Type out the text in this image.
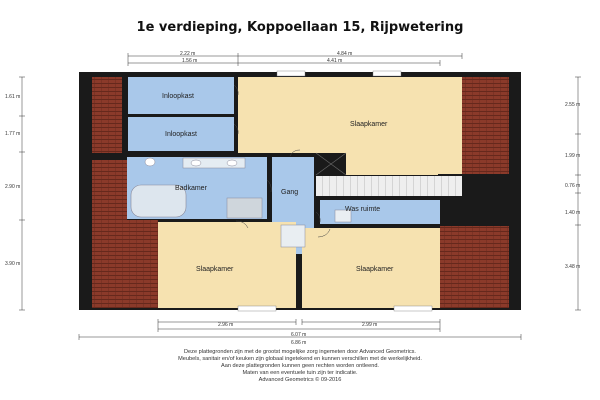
1e verdieping, Koppoellaan 15, Rijpwetering
2.22 m
1.56 m
4.84 m
4.41 m
1.61 m
1.77 m
2.90 m
3.90 m
2.55 m
1.99 m
0.76 m
1.40 m
3.48 m
Inloopkast
Inloopkast
Slaapkamer
Badkamer
Gang
Was ruimte
Slaapkamer	Slaapkamer
2.96 m	2.99 m
6.07 m
6.86 m
Deze plattegronden zijn met de grootst mogelijke zorg ingemeten door Advanced Geometrics.
Meubels, sanitair en/of keuken zijn globaal ingetekend en kunnen verschillen met de werkelijkheid.
Aan deze plattegronden kunnen geen rechten worden ontleend.
Maten van een eventuele tuin zijn ter indicatie.
Advanced Geometrics © 09-2016
